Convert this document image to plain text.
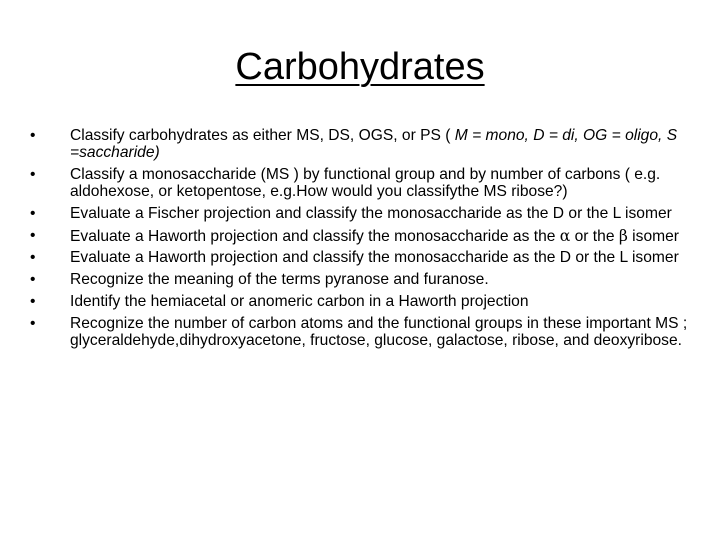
Carbohydrates
•	Classify carbohydrates as either MS, DS, OGS, or PS ( M = mono, D = di, OG = oligo, S =saccharide)
•	Classify a monosaccharide (MS ) by functional group and by number of carbons ( e.g. aldohexose, or ketopentose, e.g.How would you classifythe MS ribose?)
•	Evaluate a Fischer projection and classify the monosaccharide as the D or the L isomer
•	Evaluate a Haworth projection and classify the monosaccharide as the α or the β isomer
•	Evaluate a Haworth projection and classify the monosaccharide as the D or the L isomer
•	Recognize the meaning of the terms pyranose and furanose.
•	Identify the hemiacetal or anomeric carbon in a Haworth projection
•	Recognize the number of carbon atoms and the functional groups in these important MS ; glyceraldehyde,dihydroxyacetone, fructose, glucose, galactose, ribose, and deoxyribose.
